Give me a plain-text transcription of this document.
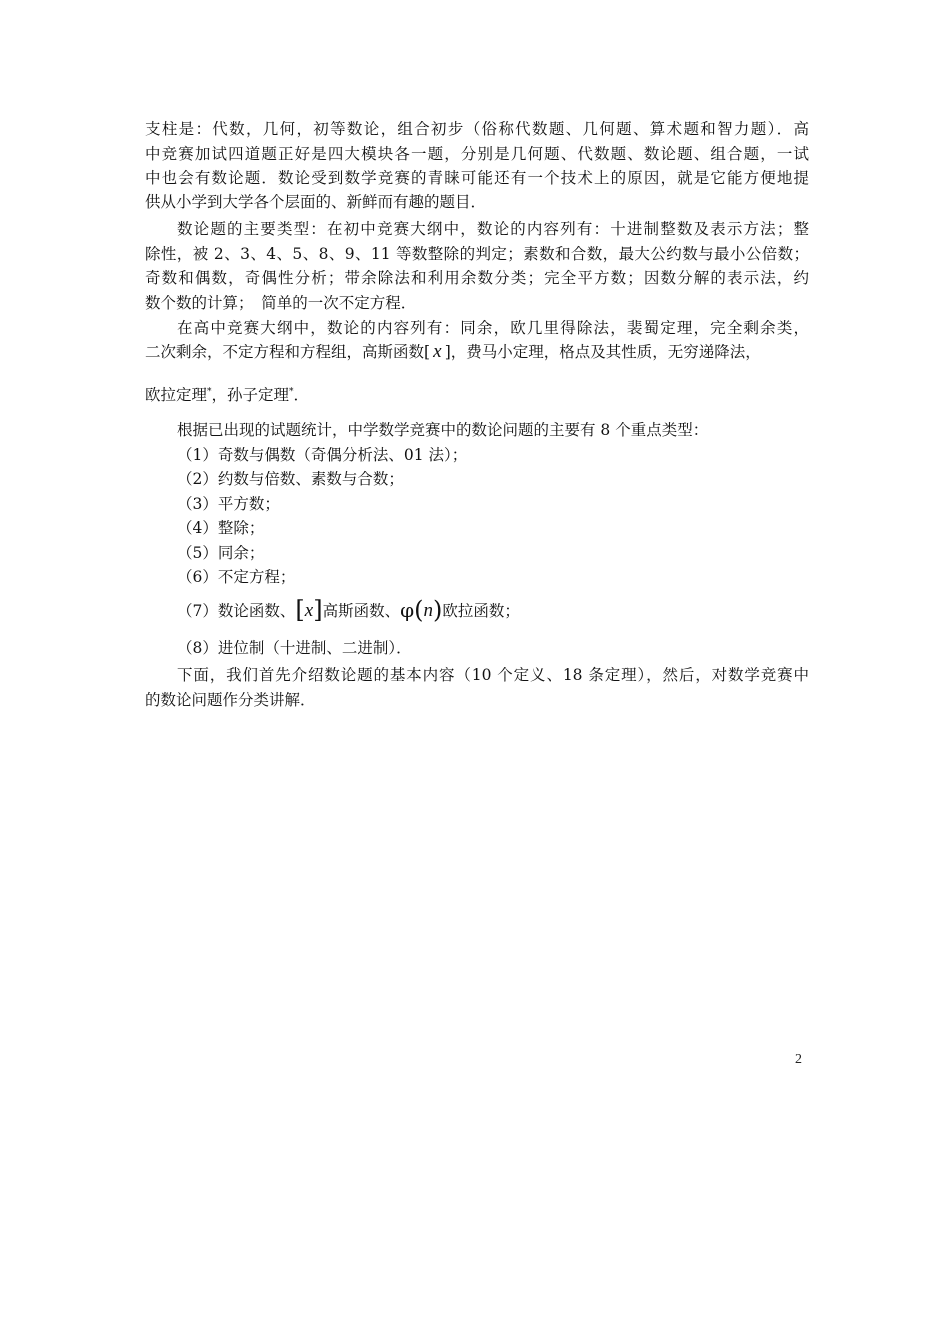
支柱是：代数，几何，初等数论，组合初步（俗称代数题、几何题、算术题和智力题）．高
中竞赛加试四道题正好是四大模块各一题，分别是几何题、代数题、数论题、组合题，一试
中也会有数论题．数论受到数学竞赛的青睐可能还有一个技术上的原因，就是它能方便地提
供从小学到大学各个层面的、新鲜而有趣的题目．
数论题的主要类型：在初中竞赛大纲中，数论的内容列有：十进制整数及表示方法；整
除性，被 2、3、4、5、8、9、11 等数整除的判定；素数和合数，最大公约数与最小公倍数；
奇数和偶数，奇偶性分析；带余除法和利用余数分类；完全平方数；因数分解的表示法，约
数个数的计算；　简单的一次不定方程．
在高中竞赛大纲中，数论的内容列有：同余，欧几里得除法，裴蜀定理，完全剩余类，
二次剩余，不定方程和方程组，高斯函数[ x ]，费马小定理，格点及其性质，无穷递降法，
欧拉定理*，孙子定理*．
根据已出现的试题统计，中学数学竞赛中的数论问题的主要有 8 个重点类型：
（1）奇数与偶数（奇偶分析法、01 法）；
（2）约数与倍数、素数与合数；
（3）平方数；
（4）整除；
（5）同余；
（6）不定方程；
（7）数论函数、[x]高斯函数、φ(n)欧拉函数；
（8）进位制（十进制、二进制）．
下面，我们首先介绍数论题的基本内容（10 个定义、18 条定理），然后，对数学竞赛中
的数论问题作分类讲解．
2
